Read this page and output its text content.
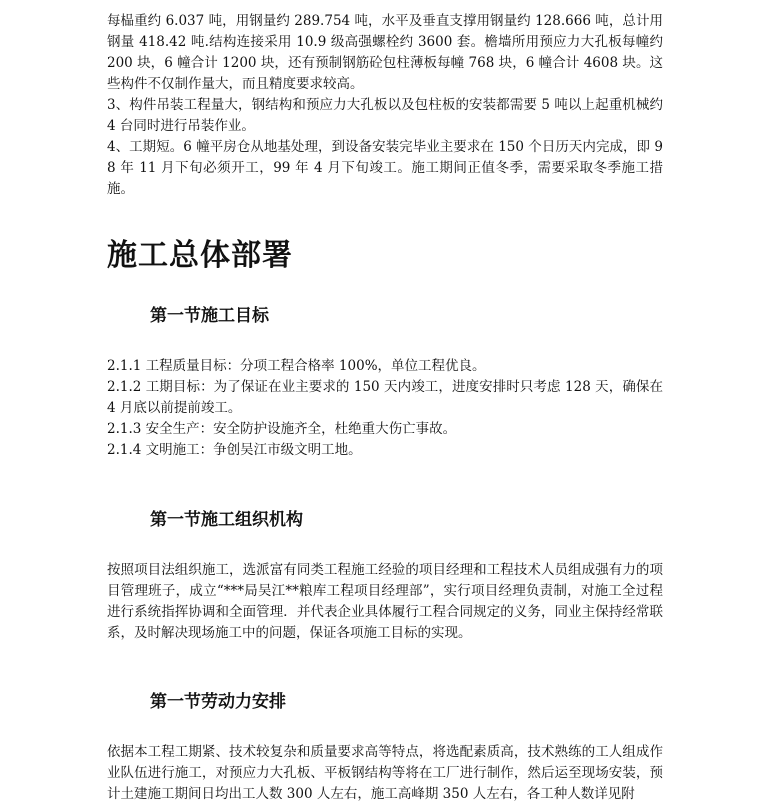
每榀重约 6.037 吨，用钢量约 289.754 吨，水平及垂直支撑用钢量约 128.666 吨，总计用钢量 418.42 吨.结构连接采用 10.9 级高强螺栓约 3600 套。檐墙所用预应力大孔板每幢约 200 块，6 幢合计 1200 块，还有预制钢筋砼包柱薄板每幢 768 块，6 幢合计 4608 块。这些构件不仅制作量大，而且精度要求较高。

3、构件吊装工程量大，钢结构和预应力大孔板以及包柱板的安装都需要 5 吨以上起重机械约 4 台同时进行吊装作业。

4、工期短。6 幢平房仓从地基处理，到设备安装完毕业主要求在 150 个日历天内完成，即 98 年 11 月下旬必须开工，99 年 4 月下旬竣工。施工期间正值冬季，需要采取冬季施工措施。

施工总体部署
第一节施工目标
2.1.1 工程质量目标：分项工程合格率 100%，单位工程优良。
2.1.2 工期目标：为了保证在业主要求的 150 天内竣工，进度安排时只考虑 128 天，确保在 4 月底以前提前竣工。
2.1.3 安全生产：安全防护设施齐全，杜绝重大伤亡事故。
2.1.4 文明施工：争创吴江市级文明工地。
第一节施工组织机构

按照项目法组织施工，选派富有同类工程施工经验的项目经理和工程技术人员组成强有力的项目管理班子，成立“***局吴江**粮库工程项目经理部”，实行项目经理负责制，对施工全过程进行系统指挥协调和全面管理．并代表企业具体履行工程合同规定的义务，同业主保持经常联系，及时解决现场施工中的问题，保证各项施工目标的实现。

第一节劳动力安排

依据本工程工期紧、技术较复杂和质量要求高等特点，将选配素质高，技术熟练的工人组成作业队伍进行施工，对预应力大孔板、平板钢结构等将在工厂进行制作，然后运至现场安装，预计土建施工期间日均出工人数 300 人左右，施工高峰期 350 人左右，各工种人数详见附
